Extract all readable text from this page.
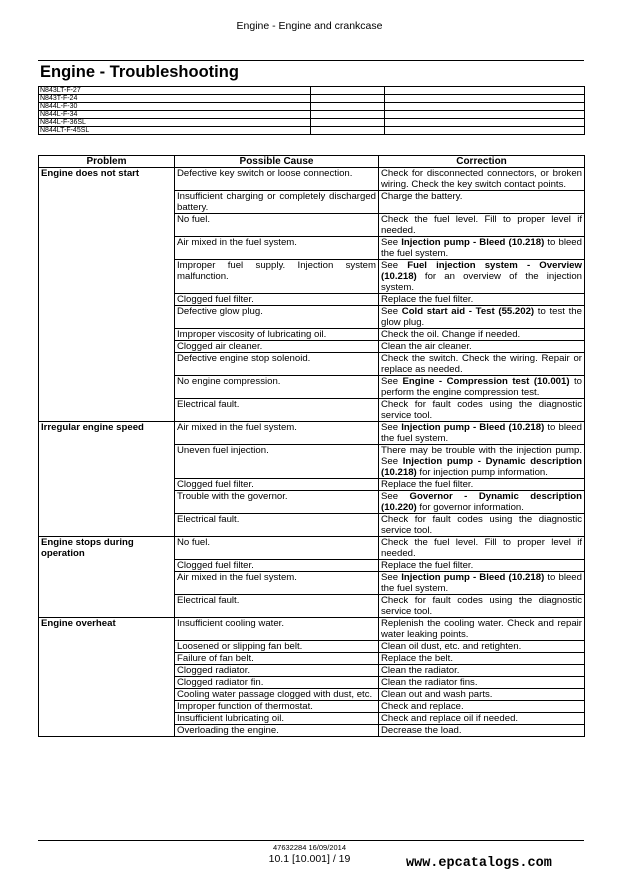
Engine - Engine and crankcase
Engine - Troubleshooting
N843LT-F-27		
N843T-F-24		
N844L-F-30		
N844L-F-34		
N844L-F-36SL		
N844LT-F-45SL		
Problem	Possible Cause	Correction
Engine does not start	Defective key switch or loose connection.	Check for disconnected connectors, or broken wiring. Check the key switch contact points.
	Insufficient charging or completely discharged battery.	Charge the battery.
	No fuel.	Check the fuel level. Fill to proper level if needed.
	Air mixed in the fuel system.	See Injection pump - Bleed (10.218) to bleed the fuel system.
	Improper fuel supply. Injection system malfunction.	See Fuel injection system - Overview (10.218) for an overview of the injection system.
	Clogged fuel filter.	Replace the fuel filter.
	Defective glow plug.	See Cold start aid - Test (55.202) to test the glow plug.
	Improper viscosity of lubricating oil.	Check the oil. Change if needed.
	Clogged air cleaner.	Clean the air cleaner.
	Defective engine stop solenoid.	Check the switch. Check the wiring. Repair or replace as needed.
	No engine compression.	See Engine - Compression test (10.001) to perform the engine compression test.
	Electrical fault.	Check for fault codes using the diagnostic service tool.
Irregular engine speed	Air mixed in the fuel system.	See Injection pump - Bleed (10.218) to bleed the fuel system.
	Uneven fuel injection.	There may be trouble with the injection pump. See Injection pump - Dynamic description (10.218) for injection pump information.
	Clogged fuel filter.	Replace the fuel filter.
	Trouble with the governor.	See Governor - Dynamic description (10.220) for governor information.
	Electrical fault.	Check for fault codes using the diagnostic service tool.
Engine stops during operation	No fuel.	Check the fuel level. Fill to proper level if needed.
	Clogged fuel filter.	Replace the fuel filter.
	Air mixed in the fuel system.	See Injection pump - Bleed (10.218) to bleed the fuel system.
	Electrical fault.	Check for fault codes using the diagnostic service tool.
Engine overheat	Insufficient cooling water.	Replenish the cooling water. Check and repair water leaking points.
	Loosened or slipping fan belt.	Clean oil dust, etc. and retighten.
	Failure of fan belt.	Replace the belt.
	Clogged radiator.	Clean the radiator.
	Clogged radiator fin.	Clean the radiator fins.
	Cooling water passage clogged with dust, etc.	Clean out and wash parts.
	Improper function of thermostat.	Check and replace.
	Insufficient lubricating oil.	Check and replace oil if needed.
	Overloading the engine.	Decrease the load.
47632284 16/09/2014
10.1 [10.001] / 19	www.epcatalogs.com
